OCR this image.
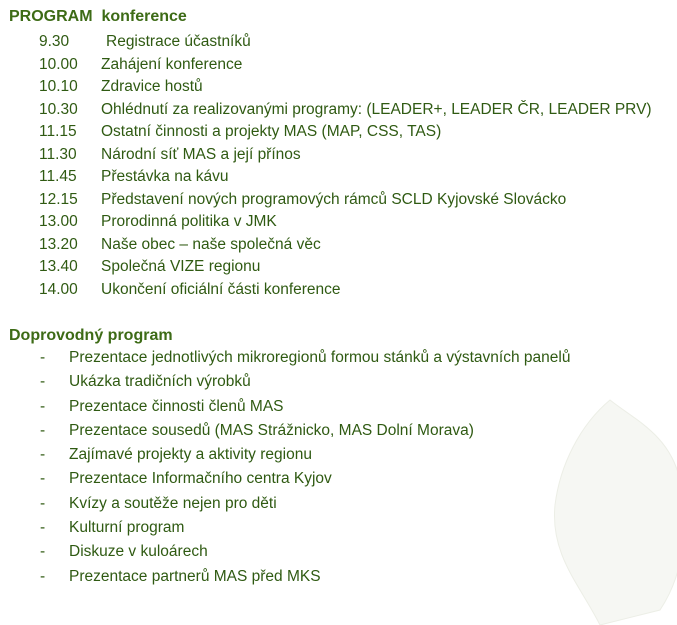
PROGRAM  konference
9.30 Registrace účastníků
10.00 Zahájení konference
10.10 Zdravice hostů
10.30 Ohlédnutí za realizovanými programy: (LEADER+, LEADER ČR, LEADER PRV)
11.15 Ostatní činnosti a projekty MAS (MAP, CSS, TAS)
11.30 Národní síť MAS a její přínos
11.45 Přestávka na kávu
12.15 Představení nových programových rámců SCLD Kyjovské Slovácko
13.00 Prorodinná politika v JMK
13.20 Naše obec – naše společná věc
13.40 Společná VIZE regionu
14.00 Ukončení oficiální části konference
Doprovodný program
- Prezentace jednotlivých mikroregionů formou stánků a výstavních panelů
- Ukázka tradičních výrobků
- Prezentace činnosti členů MAS
- Prezentace sousedů (MAS Strážnicko, MAS Dolní Morava)
- Zajímavé projekty a aktivity regionu
- Prezentace Informačního centra Kyjov
- Kvízy a soutěže nejen pro děti
- Kulturní program
- Diskuze v kuloárech
- Prezentace partnerů MAS před MKS
